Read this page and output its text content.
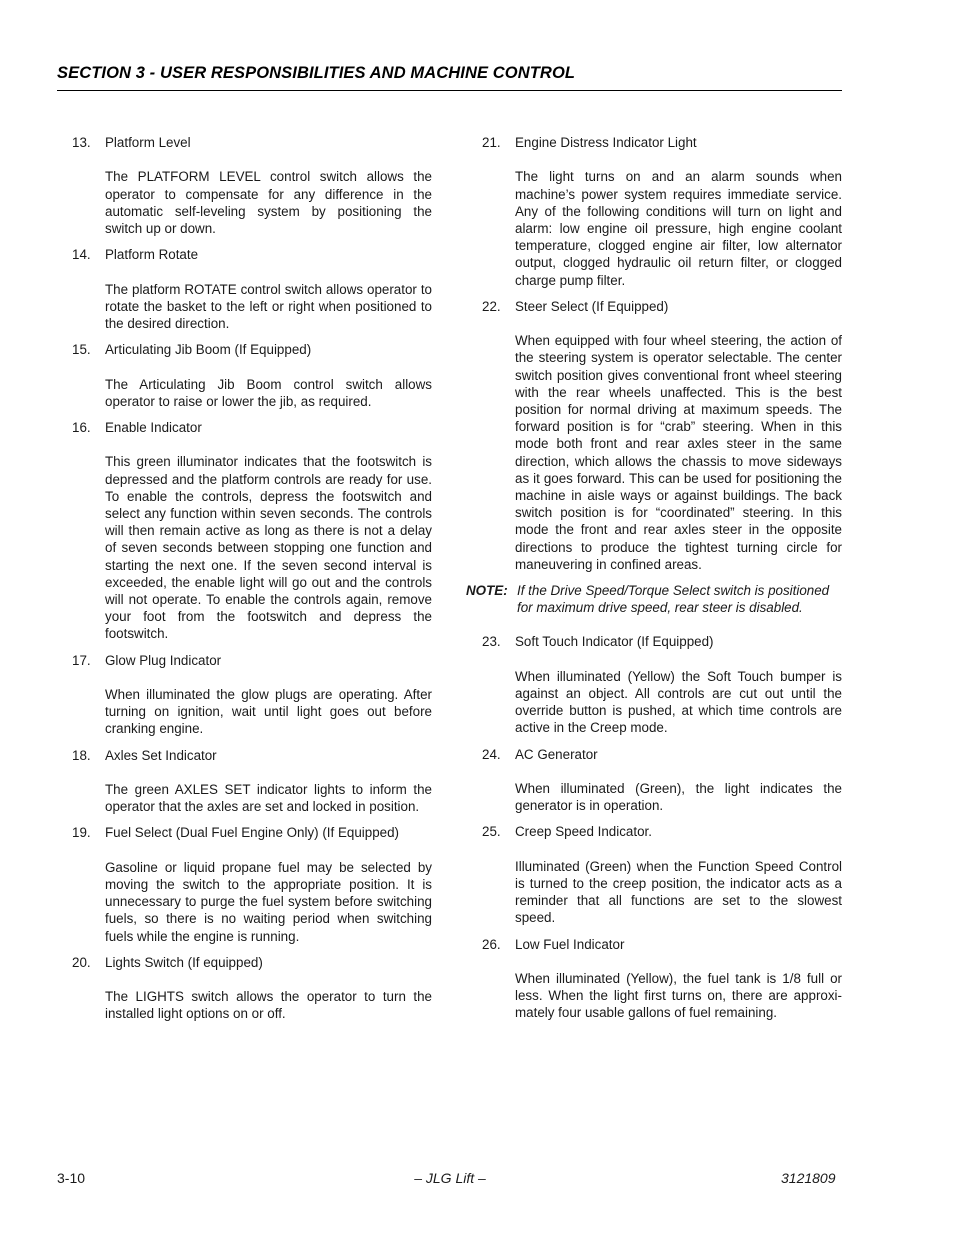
SECTION 3 - USER RESPONSIBILITIES AND MACHINE CONTROL
13. Platform Level
The PLATFORM LEVEL control switch allows the operator to compensate for any difference in the automatic self-leveling system by positioning the switch up or down.
14. Platform Rotate
The platform ROTATE control switch allows operator to rotate the basket to the left or right when positioned to the desired direction.
15. Articulating Jib Boom (If Equipped)
The Articulating Jib Boom control switch allows operator to raise or lower the jib, as required.
16. Enable Indicator
This green illuminator indicates that the footswitch is depressed and the platform controls are ready for use. To enable the controls, depress the footswitch and select any function within seven seconds. The controls will then remain active as long as there is not a delay of seven seconds between stopping one function and starting the next one. If the seven second interval is exceeded, the enable light will go out and the controls will not operate. To enable the controls again, remove your foot from the footswitch and depress the footswitch.
17. Glow Plug Indicator
When illuminated the glow plugs are operating. After turning on ignition, wait until light goes out before cranking engine.
18. Axles Set Indicator
The green AXLES SET indicator lights to inform the operator that the axles are set and locked in position.
19. Fuel Select (Dual Fuel Engine Only) (If Equipped)
Gasoline or liquid propane fuel may be selected by moving the switch to the appropriate position. It is unnecessary to purge the fuel system before switching fuels, so there is no waiting period when switching fuels while the engine is running.
20. Lights Switch (If equipped)
The LIGHTS switch allows the operator to turn the installed light options on or off.
21. Engine Distress Indicator Light
The light turns on and an alarm sounds when machine’s power system requires immediate service. Any of the following conditions will turn on light and alarm: low engine oil pressure, high engine coolant temperature, clogged engine air filter, low alternator output, clogged hydraulic oil return filter, or clogged charge pump filter.
22. Steer Select (If Equipped)
When equipped with four wheel steering, the action of the steering system is operator selectable. The center switch position gives conventional front wheel steering with the rear wheels unaffected. This is the best position for normal driving at maximum speeds. The forward position is for “crab” steering. When in this mode both front and rear axles steer in the same direction, which allows the chassis to move sideways as it goes forward. This can be used for positioning the machine in aisle ways or against buildings. The back switch position is for “coordinated” steering. In this mode the front and rear axles steer in the opposite directions to produce the tightest turning circle for maneuvering in confined areas.
NOTE: If the Drive Speed/Torque Select switch is positioned for maximum drive speed, rear steer is disabled.
23. Soft Touch Indicator (If Equipped)
When illuminated (Yellow) the Soft Touch bumper is against an object. All controls are cut out until the override button is pushed, at which time controls are active in the Creep mode.
24. AC Generator
When illuminated (Green), the light indicates the generator is in operation.
25. Creep Speed Indicator.
Illuminated (Green) when the Function Speed Control is turned to the creep position, the indicator acts as a reminder that all functions are set to the slowest speed.
26. Low Fuel Indicator
When illuminated (Yellow), the fuel tank is 1/8 full or less. When the light first turns on, there are approximately four usable gallons of fuel remaining.
3-10	– JLG Lift –	3121809
